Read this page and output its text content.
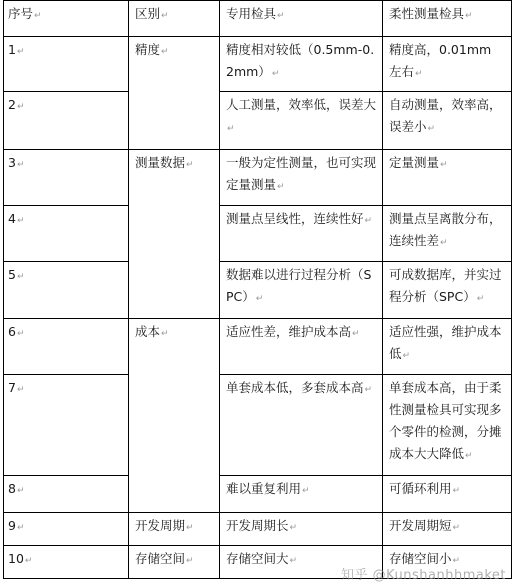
序号↵	区别↵	专用检具↵	柔性测量检具↵
1↵	精度↵	精度相对较低（0.5mm-0.2mm）↵	精度高，0.01mm 左右↵
2↵		人工测量，效率低，误差大↵	自动测量，效率高，误差小↵
3↵	测量数据↵	一般为定性测量，也可实现定量测量↵	定量测量↵
4↵		测量点呈线性，连续性好↵	测量点呈离散分布，连续性差↵
5↵		数据难以进行过程分析（SPC）↵	可成数据库，并实过程分析（SPC）↵
6↵	成本↵	适应性差，维护成本高↵	适应性强，维护成本低↵
7↵		单套成本低，多套成本高↵	单套成本高，由于柔性测量检具可实现多个零件的检测，分摊成本大大降低↵
8↵		难以重复利用↵	可循环利用↵
9↵	开发周期↵	开发周期长↵	开发周期短↵
10↵	存储空间↵	存储空间大↵	存储空间小↵
知乎 @Kunshanhhmaket
